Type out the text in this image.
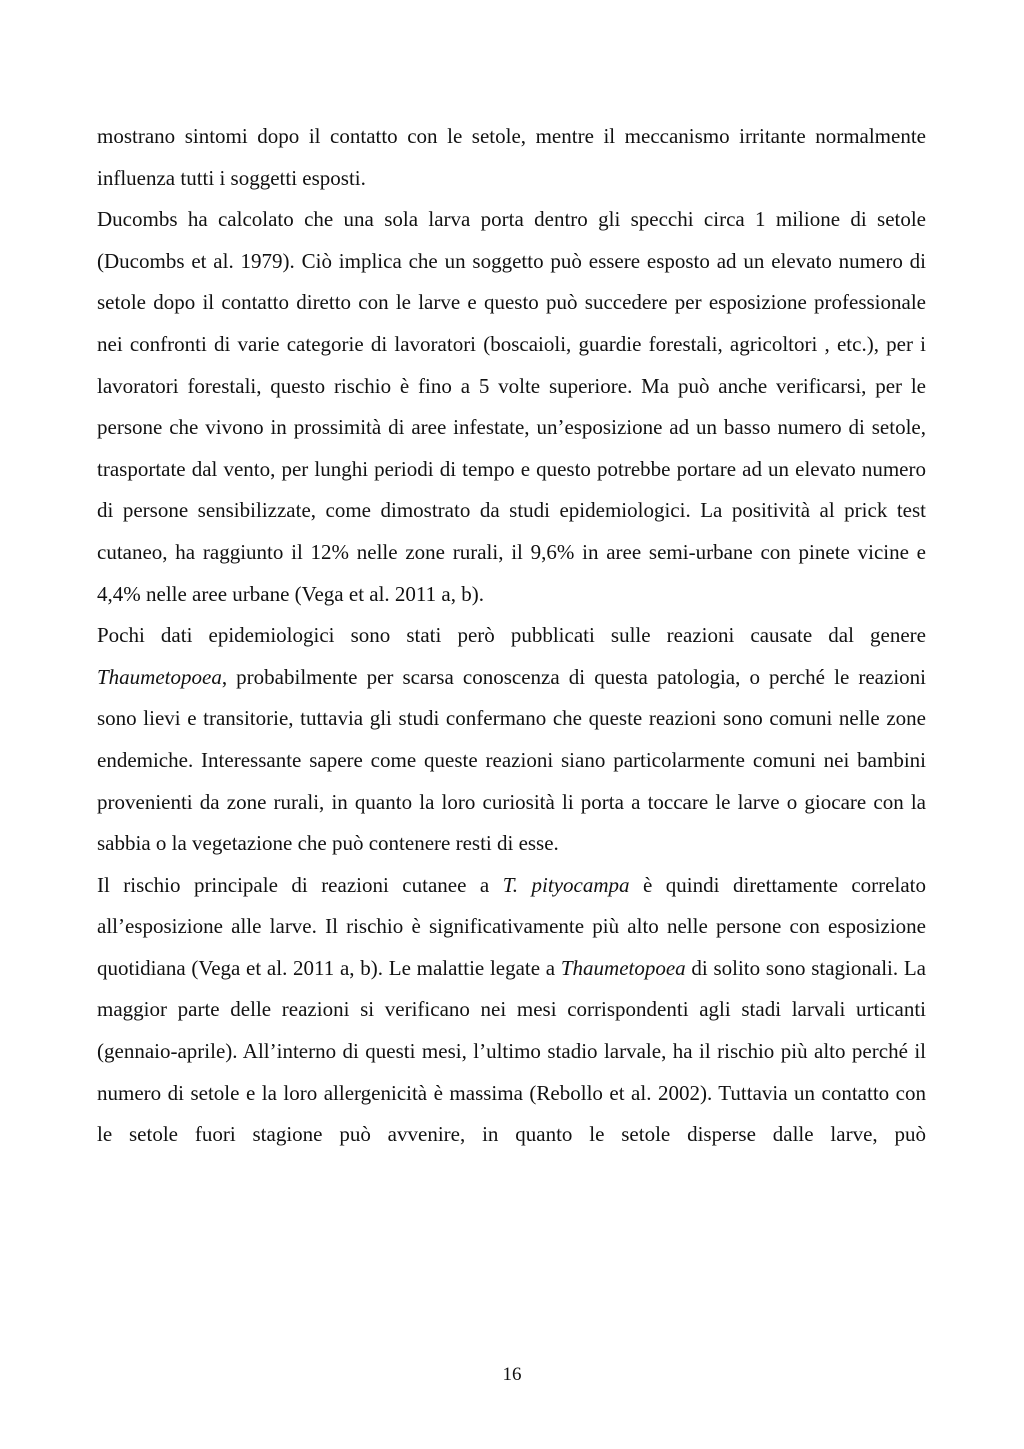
mostrano sintomi dopo il contatto con le setole, mentre il meccanismo irritante normalmente influenza tutti i soggetti esposti.

Ducombs ha calcolato che una sola larva porta dentro gli specchi circa 1 milione di setole (Ducombs et al. 1979). Ciò implica che un soggetto può essere esposto ad un elevato numero di setole dopo il contatto diretto con le larve e questo può succedere per esposizione professionale nei confronti di varie categorie di lavoratori (boscaioli, guardie forestali, agricoltori , etc.), per i lavoratori forestali, questo rischio è fino a 5 volte superiore. Ma può anche verificarsi, per le persone che vivono in prossimità di aree infestate, un’esposizione ad un basso numero di setole, trasportate dal vento, per lunghi periodi di tempo e questo potrebbe portare ad un elevato numero di persone sensibilizzate, come dimostrato da studi epidemiologici. La positività al prick test cutaneo, ha raggiunto il 12% nelle zone rurali, il 9,6% in aree semi-urbane con pinete vicine e 4,4% nelle aree urbane (Vega et al. 2011 a, b).

Pochi dati epidemiologici sono stati però pubblicati sulle reazioni causate dal genere Thaumetopoea, probabilmente per scarsa conoscenza di questa patologia, o perché le reazioni sono lievi e transitorie, tuttavia gli studi confermano che queste reazioni sono comuni nelle zone endemiche. Interessante sapere come queste reazioni siano particolarmente comuni nei bambini provenienti da zone rurali, in quanto la loro curiosità li porta a toccare le larve o giocare con la sabbia o la vegetazione che può contenere resti di esse.

Il rischio principale di reazioni cutanee a T. pityocampa è quindi direttamente correlato all’esposizione alle larve. Il rischio è significativamente più alto nelle persone con esposizione quotidiana (Vega et al. 2011 a, b). Le malattie legate a Thaumetopoea di solito sono stagionali. La maggior parte delle reazioni si verificano nei mesi corrispondenti agli stadi larvali urticanti (gennaio-aprile). All’interno di questi mesi, l’ultimo stadio larvale, ha il rischio più alto perché il numero di setole e la loro allergenicità è massima (Rebollo et al. 2002). Tuttavia un contatto con le setole fuori stagione può avvenire, in quanto le setole disperse dalle larve, può

16
